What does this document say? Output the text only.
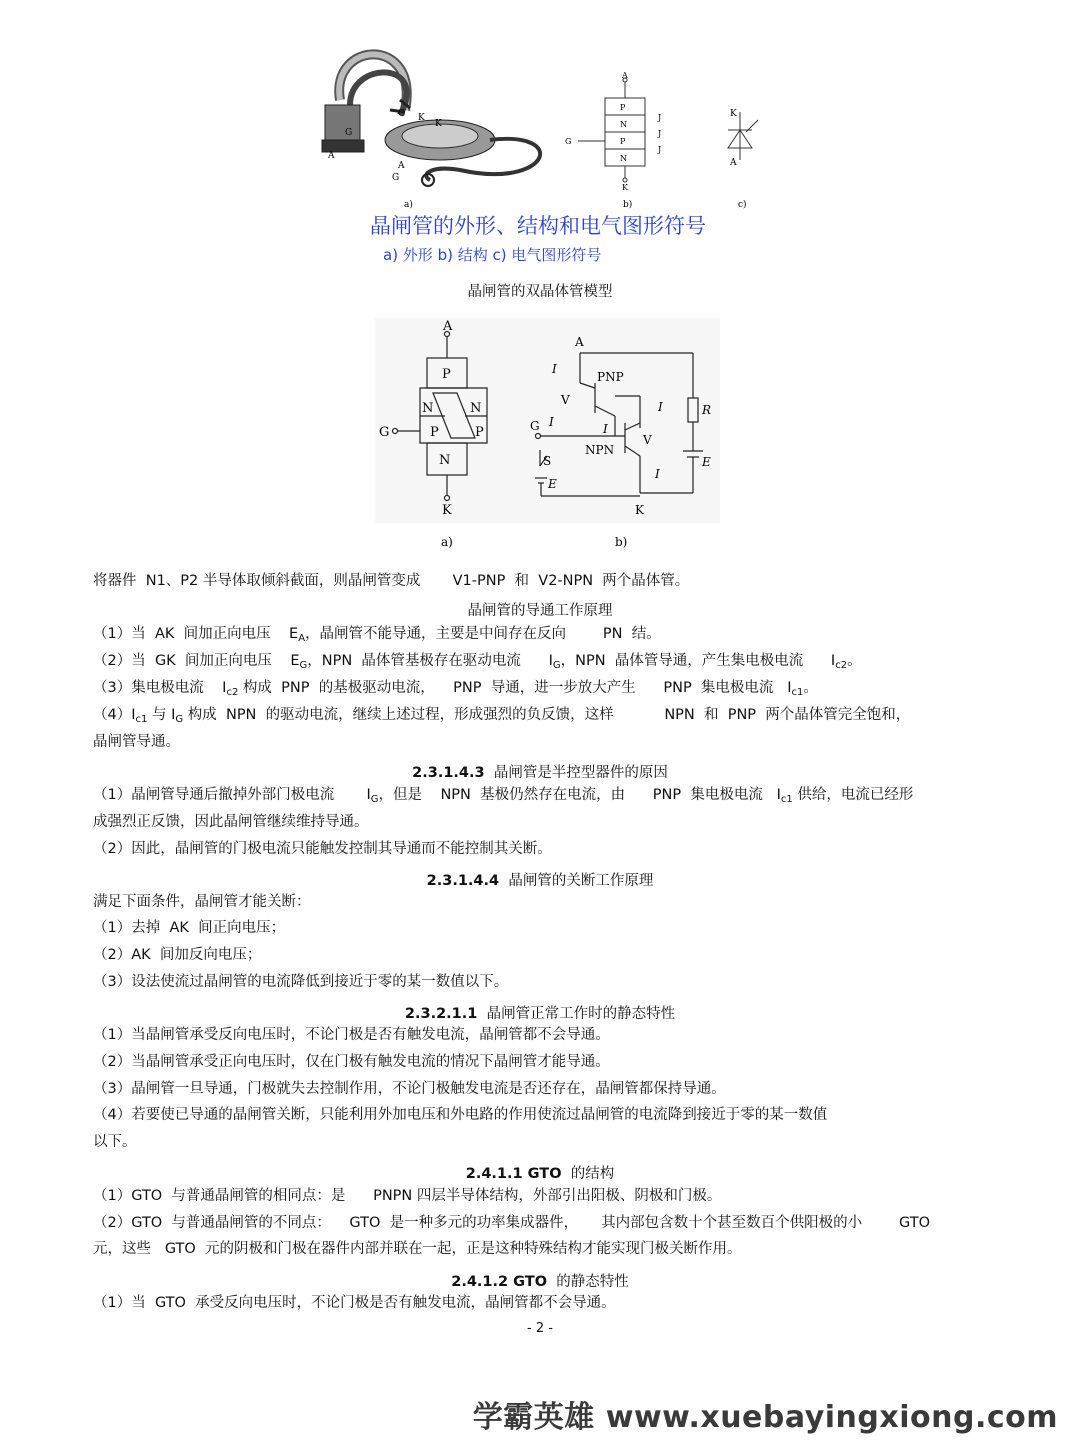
G
K
K
G
A
A
G
a)
A
K
G
P
N
P
N
J
J
J
b)
K
A
c)
晶闸管的外形、结构和电气图形符号
a) 外形 b) 结构 c) 电气图形符号
晶闸管的双晶体管模型
A
P
N	N
P	P
N
G
K
a)
A
I
PNP
V	I	R
G I	I
V
NPN
S	E
I
E
K
b)
将器件  N1、P2 半导体取倾斜截面，则晶闸管变成       V1-PNP  和  V2-NPN  两个晶体管。
晶闸管的导通工作原理
（1）当  AK  间加正向电压    $E_A$，晶闸管不能导通，主要是中间存在反向        PN  结。
（2）当  GK  间加正向电压    $E_G$，NPN  晶体管基极存在驱动电流      $I_G$，NPN  晶体管导通，产生集电极电流      $I_{c2}$。
（3）集电极电流    $I_{c2}$ 构成  PNP  的基极驱动电流，    PNP  导通，进一步放大产生      PNP  集电极电流   $I_{c1}$。
$(4)I_{c1}$ 与 $I_G$ 构成  NPN  的驱动电流，继续上述过程，形成强烈的负反馈，这样           NPN  和  PNP  两个晶体管完全饱和，
晶闸管导通。
2.3.1.4.3  晶闸管是半控型器件的原因
（1）晶闸管导通后撤掉外部门极电流       $I_G$，但是    NPN  基极仍然存在电流，由      PNP  集电极电流   $I_{c1}$ 供给，电流已经形
成强烈正反馈，因此晶闸管继续维持导通。
（2）因此，晶闸管的门极电流只能触发控制其导通而不能控制其关断。
2.3.1.4.4  晶闸管的关断工作原理
满足下面条件，晶闸管才能关断：
（1）去掉  AK  间正向电压；
（2）AK  间加反向电压；
（3）设法使流过晶闸管的电流降低到接近于零的某一数值以下。
2.3.2.1.1  晶闸管正常工作时的静态特性
（1）当晶闸管承受反向电压时，不论门极是否有触发电流，晶闸管都不会导通。
（2）当晶闸管承受正向电压时，仅在门极有触发电流的情况下晶闸管才能导通。
（3）晶闸管一旦导通，门极就失去控制作用，不论门极触发电流是否还存在，晶闸管都保持导通。
（4）若要使已导通的晶闸管关断，只能利用外加电压和外电路的作用使流过晶闸管的电流降到接近于零的某一数值
以下。
2.4.1.1 GTO  的结构
（1）GTO  与普通晶闸管的相同点：是      PNPN 四层半导体结构，外部引出阳极、阴极和门极。
（2）GTO  与普通晶闸管的不同点：    GTO  是一种多元的功率集成器件，     其内部包含数十个甚至数百个供阳极的小        GTO
元，这些   GTO  元的阴极和门极在器件内部并联在一起，正是这种特殊结构才能实现门极关断作用。
2.4.1.2 GTO  的静态特性
（1）当  GTO  承受反向电压时，不论门极是否有触发电流，晶闸管都不会导通。
- 2 -
学霸英雄 www.xuebayingxiong.com
